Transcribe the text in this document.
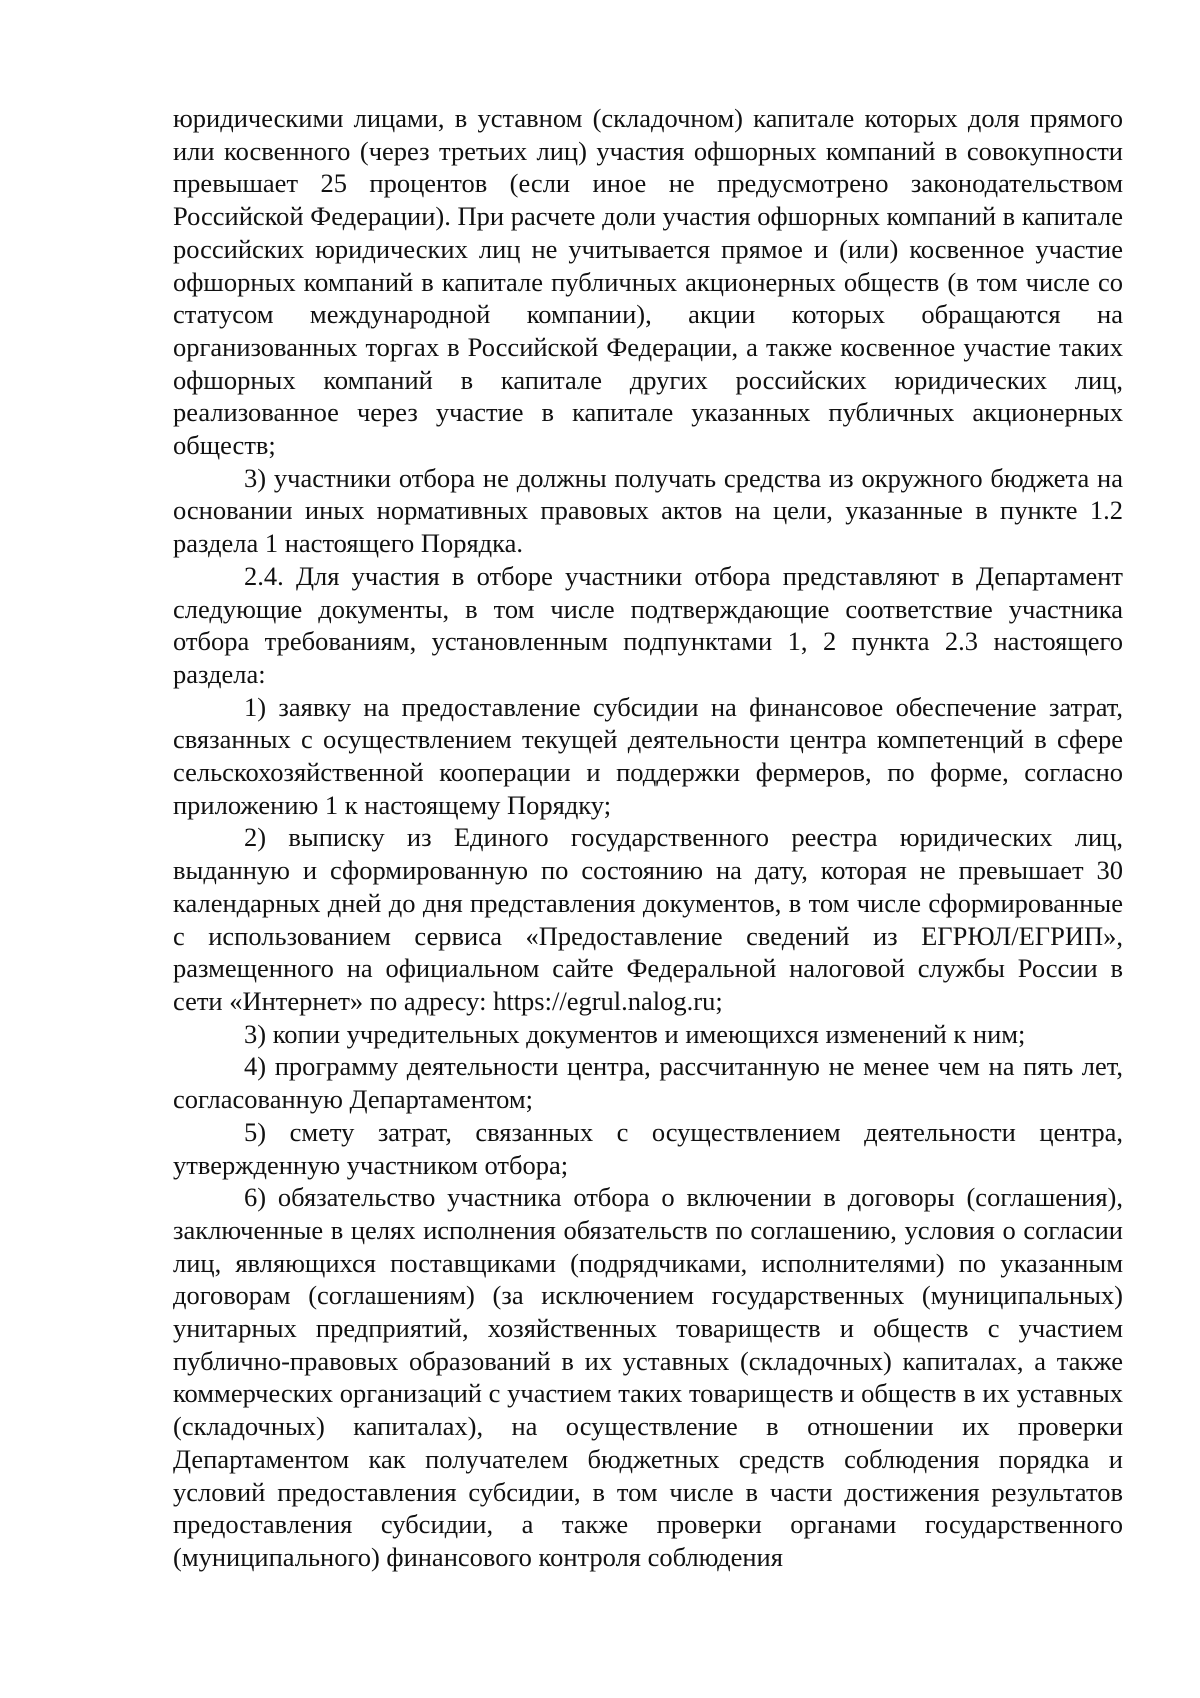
юридическими лицами, в уставном (складочном) капитале которых доля прямого или косвенного (через третьих лиц) участия офшорных компаний в совокупности превышает 25 процентов (если иное не предусмотрено законодательством Российской Федерации). При расчете доли участия офшорных компаний в капитале российских юридических лиц не учитывается прямое и (или) косвенное участие офшорных компаний в капитале публичных акционерных обществ (в том числе со статусом международной компании), акции которых обращаются на организованных торгах в Российской Федерации, а также косвенное участие таких офшорных компаний в капитале других российских юридических лиц, реализованное через участие в капитале указанных публичных акционерных обществ;

3) участники отбора не должны получать средства из окружного бюджета на основании иных нормативных правовых актов на цели, указанные в пункте 1.2 раздела 1 настоящего Порядка.

2.4. Для участия в отборе участники отбора представляют в Департамент следующие документы, в том числе подтверждающие соответствие участника отбора требованиям, установленным подпунктами 1, 2 пункта 2.3 настоящего раздела:

1) заявку на предоставление субсидии на финансовое обеспечение затрат, связанных с осуществлением текущей деятельности центра компетенций в сфере сельскохозяйственной кооперации и поддержки фермеров, по форме, согласно приложению 1 к настоящему Порядку;

2) выписку из Единого государственного реестра юридических лиц, выданную и сформированную по состоянию на дату, которая не превышает 30 календарных дней до дня представления документов, в том числе сформированные с использованием сервиса «Предоставление сведений из ЕГРЮЛ/ЕГРИП», размещенного на официальном сайте Федеральной налоговой службы России в сети «Интернет» по адресу: https://egrul.nalog.ru;

3) копии учредительных документов и имеющихся изменений к ним;

4) программу деятельности центра, рассчитанную не менее чем на пять лет, согласованную Департаментом;

5) смету затрат, связанных с осуществлением деятельности центра, утвержденную участником отбора;

6) обязательство участника отбора о включении в договоры (соглашения), заключенные в целях исполнения обязательств по соглашению, условия о согласии лиц, являющихся поставщиками (подрядчиками, исполнителями) по указанным договорам (соглашениям) (за исключением государственных (муниципальных) унитарных предприятий, хозяйственных товариществ и обществ с участием публично-правовых образований в их уставных (складочных) капиталах, а также коммерческих организаций с участием таких товариществ и обществ в их уставных (складочных) капиталах), на осуществление в отношении их проверки Департаментом как получателем бюджетных средств соблюдения порядка и условий предоставления субсидии, в том числе в части достижения результатов предоставления субсидии, а также проверки органами государственного (муниципального) финансового контроля соблюдения
